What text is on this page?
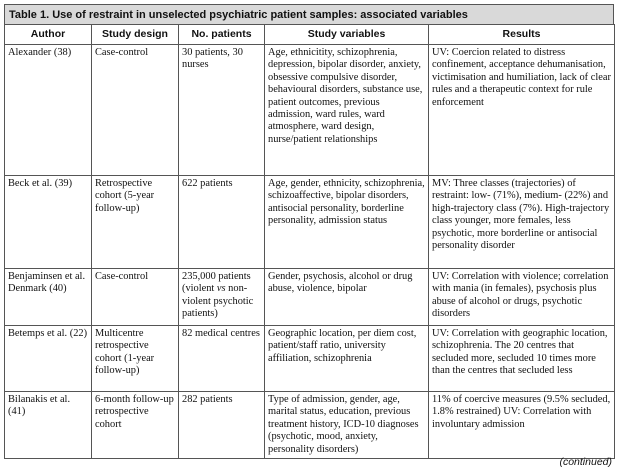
Table 1. Use of restraint in unselected psychiatric patient samples: associated variables
Author	Study design	No. patients	Study variables	Results
Alexander (38)	Case-control	30 patients, 30 nurses	Age, ethnicitity, schizophrenia, depression, bipolar disorder, anxiety, obsessive compulsive disorder, behavioural disorders, substance use, patient outcomes, previous admission, ward rules, ward atmosphere, ward design, nurse/patient relationships	UV: Coercion related to distress confinement, acceptance dehumanisation, victimisation and humiliation, lack of clear rules and a therapeutic context for rule enforcement
Beck et al. (39)	Retrospective cohort (5-year follow-up)	622 patients	Age, gender, ethnicity, schizophrenia, schizoaffective, bipolar disorders, antisocial personality, borderline personality, admission status	MV: Three classes (trajectories) of restraint: low- (71%), medium- (22%) and high-trajectory class (7%). High-trajectory class younger, more females, less psychotic, more borderline or antisocial personality disorder
Benjaminsen et al. Denmark (40)	Case-control	235,000 patients (violent vs non-violent psychotic patients)	Gender, psychosis, alcohol or drug abuse, violence, bipolar	UV: Correlation with violence; correlation with mania (in females), psychosis plus abuse of alcohol or drugs, psychotic disorders
Betemps et al. (22)	Multicentre retrospective cohort (1-year follow-up)	82 medical centres	Geographic location, per diem cost, patient/staff ratio, university affiliation, schizophrenia	UV: Correlation with geographic location, schizophrenia. The 20 centres that secluded more, secluded 10 times more than the centres that secluded less
Bilanakis et al. (41)	6-month follow-up retrospective cohort	282 patients	Type of admission, gender, age, marital status, education, previous treatment history, ICD-10 diagnoses (psychotic, mood, anxiety, personality disorders)	11% of coercive measures (9.5% secluded, 1.8% restrained) UV: Correlation with involuntary admission
(continued)
